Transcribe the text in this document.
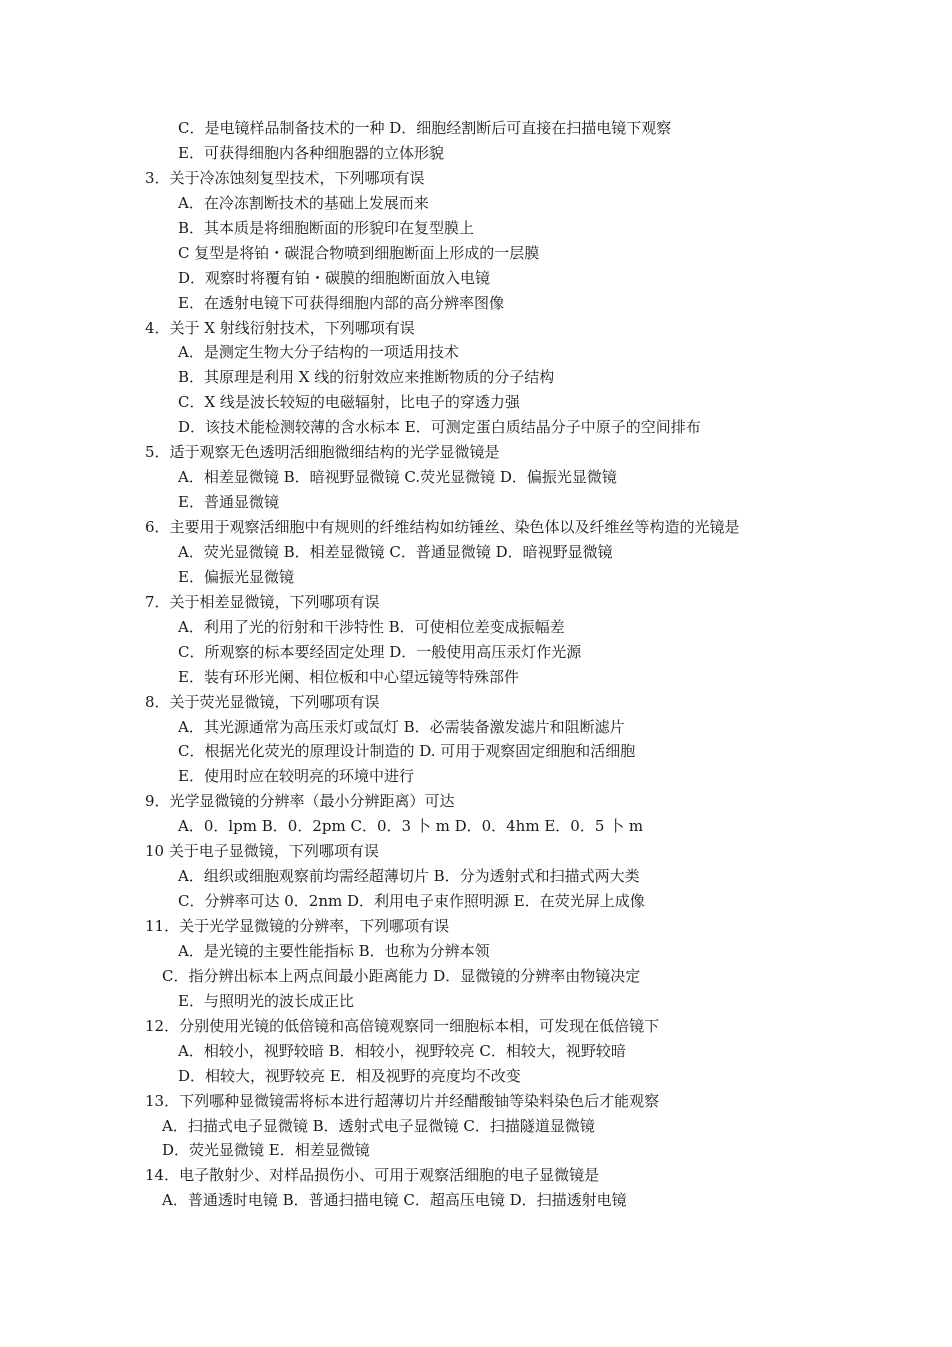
C．是电镜样品制备技术的一种 D．细胞经割断后可直接在扫描电镜下观察
E．可获得细胞内各种细胞器的立体形貌
3．关于冷冻蚀刻复型技术，下列哪项有误
A．在冷冻割断技术的基础上发展而来
B．其本质是将细胞断面的形貌印在复型膜上
C 复型是将铂・碳混合物喷到细胞断面上形成的一层膜
D．观察时将覆有铂・碳膜的细胞断面放入电镜
E．在透射电镜下可获得细胞内部的高分辨率图像
4．关于 X 射线衍射技术，下列哪项有误
A．是测定生物大分子结构的一项适用技术
B．其原理是利用 X 线的衍射效应来推断物质的分子结构
C．X 线是波长较短的电磁辐射，比电子的穿透力强
D．该技术能检测较薄的含水标本 E．可测定蛋白质结晶分子中原子的空间排布
5．适于观察无色透明活细胞微细结构的光学显微镜是
A．相差显微镜 B．暗视野显微镜 C.荧光显微镜 D．偏振光显微镜
E．普通显微镜
6．主要用于观察活细胞中有规则的纤维结构如纺锤丝、染色体以及纤维丝等构造的光镜是
A．荧光显微镜 B．相差显微镜 C．普通显微镜 D．暗视野显微镜
E．偏振光显微镜
7．关于相差显微镜，下列哪项有误
A．利用了光的衍射和干涉特性 B．可使相位差变成振幅差
C．所观察的标本要经固定处理 D．一般使用高压汞灯作光源
E．装有环形光阑、相位板和中心望远镜等特殊部件
8．关于荧光显微镜，下列哪项有误
A．其光源通常为高压汞灯或氙灯 B．必需装备激发滤片和阻断滤片
C．根据光化荧光的原理设计制造的 D. 可用于观察固定细胞和活细胞
E．使用时应在较明亮的环境中进行
9．光学显微镜的分辨率（最小分辨距离）可达
A．0．lpm B．0．2pm C．0．3 卜 m D．0．4hm E．0．5 卜 m
10 关于电子显微镜，下列哪项有误
A．组织或细胞观察前均需经超薄切片 B．分为透射式和扫描式两大类
C．分辨率可达 0．2nm D．利用电子束作照明源 E．在荧光屏上成像
11．关于光学显微镜的分辨率，下列哪项有误
A．是光镜的主要性能指标 B．也称为分辨本领
C．指分辨出标本上两点间最小距离能力 D．显微镜的分辨率由物镜决定
E．与照明光的波长成正比
12．分别使用光镜的低倍镜和高倍镜观察同一细胞标本相，可发现在低倍镜下
A．相较小，视野较暗 B．相较小，视野较亮 C．相较大，视野较暗
D．相较大，视野较亮 E．相及视野的亮度均不改变
13．下列哪种显微镜需将标本进行超薄切片并经醋酸铀等染料染色后才能观察
A．扫描式电子显微镜 B．透射式电子显微镜 C．扫描隧道显微镜
D．荧光显微镜 E．相差显微镜
14．电子散射少、对样品损伤小、可用于观察活细胞的电子显微镜是
A．普通透时电镜 B．普通扫描电镜 C．超高压电镜 D．扫描透射电镜
